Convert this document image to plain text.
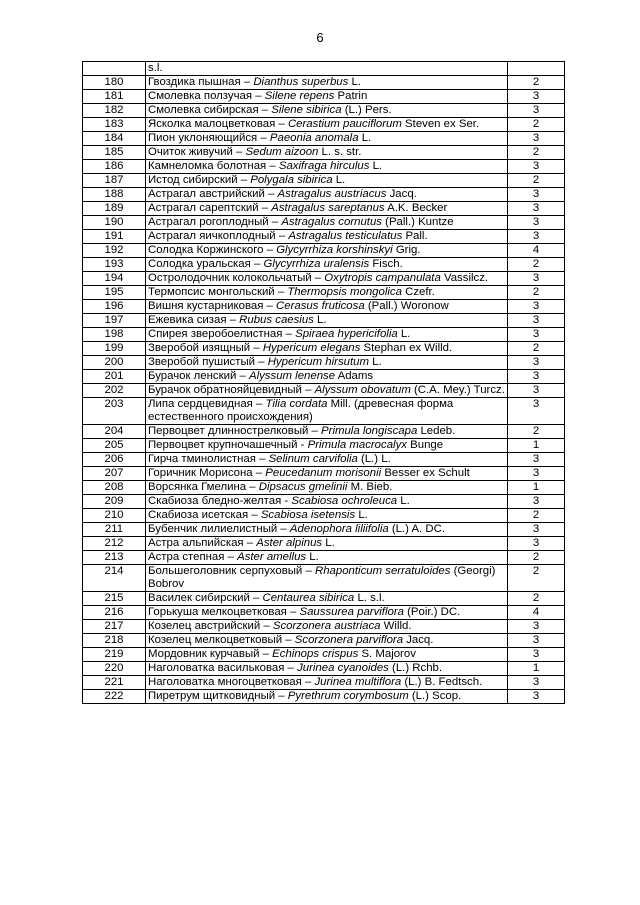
6
	s.l.	
180	Гвоздика пышная – Dianthus superbus L.	2
181	Смолевка ползучая – Silene repens Patrin	3
182	Смолевка сибирская – Silene sibirica (L.) Pers.	3
183	Ясколка малоцветковая – Cerastium pauciflorum Steven ex Ser.	2
184	Пион уклоняющийся – Paeonia anomala L.	3
185	Очиток живучий – Sedum aizoon L. s. str.	2
186	Камнеломка болотная – Saxifraga hirculus L.	3
187	Истод сибирский – Polygala sibirica L.	2
188	Астрагал австрийский – Astragalus austriacus Jacq.	3
189	Астрагал сарептский – Astragalus sareptanus A.K. Becker	3
190	Астрагал рогоплодный – Astragalus cornutus (Pall.) Kuntze	3
191	Астрагал яичкоплодный – Astragalus testiculatus Pall.	3
192	Солодка Коржинского – Glycyrrhiza korshinskyi Grig.	4
193	Солодка уральская – Glycyrrhiza uralensis Fisch.	2
194	Остролодочник колокольчатый – Oxytropis campanulata Vassilcz.	3
195	Термопсис монгольский – Thermopsis mongolica Czefr.	2
196	Вишня кустарниковая – Cerasus fruticosa (Pall.) Woronow	3
197	Ежевика сизая – Rubus caesius L.	3
198	Спирея зверобоелистная – Spiraea hypericifolia L.	3
199	Зверобой изящный – Hypericum elegans Stephan ex Willd.	2
200	Зверобой пушистый – Hypericum hirsutum L.	3
201	Бурачок ленский – Alyssum lenense Adams	3
202	Бурачок обратнояйцевидный – Alyssum obovatum (C.A. Mey.) Turcz.	3
203	Липа сердцевидная – Tilia cordata Mill. (древесная форма естественного происхождения)	3
204	Первоцвет длиннострелковый – Primula longiscapa Ledeb.	2
205	Первоцвет крупночашечный - Primula macrocalyx Bunge	1
206	Гирча тминолистная – Selinum carvifolia (L.) L.	3
207	Горичник Морисона – Peucedanum morisonii Besser ex Schult	3
208	Ворсянка Гмелина – Dipsacus gmelinii M. Bieb.	1
209	Скабиоза бледно-желтая - Scabiosa ochroleuca L.	3
210	Скабиоза исетская – Scabiosa isetensis L.	2
211	Бубенчик лилиелистный – Adenophora liliifolia (L.) A. DC.	3
212	Астра альпийская – Aster alpinus L.	3
213	Астра степная – Aster amellus L.	2
214	Большеголовник серпуховый – Rhaponticum serratuloides (Georgi) Bobrov	2
215	Василек сибирский – Centaurea sibirica L. s.l.	2
216	Горькуша мелкоцветковая – Saussurea parviflora (Poir.) DC.	4
217	Козелец австрийский – Scorzonera austriaca Willd.	3
218	Козелец мелкоцветковый – Scorzonera parviflora Jacq.	3
219	Мордовник курчавый – Echinops crispus S. Majorov	3
220	Наголоватка васильковая – Jurinea cyanoides (L.) Rchb.	1
221	Наголоватка многоцветковая – Jurinea multiflora (L.) B. Fedtsch.	3
222	Пиретрум щитковидный – Pyrethrum corymbosum (L.) Scop.	3
